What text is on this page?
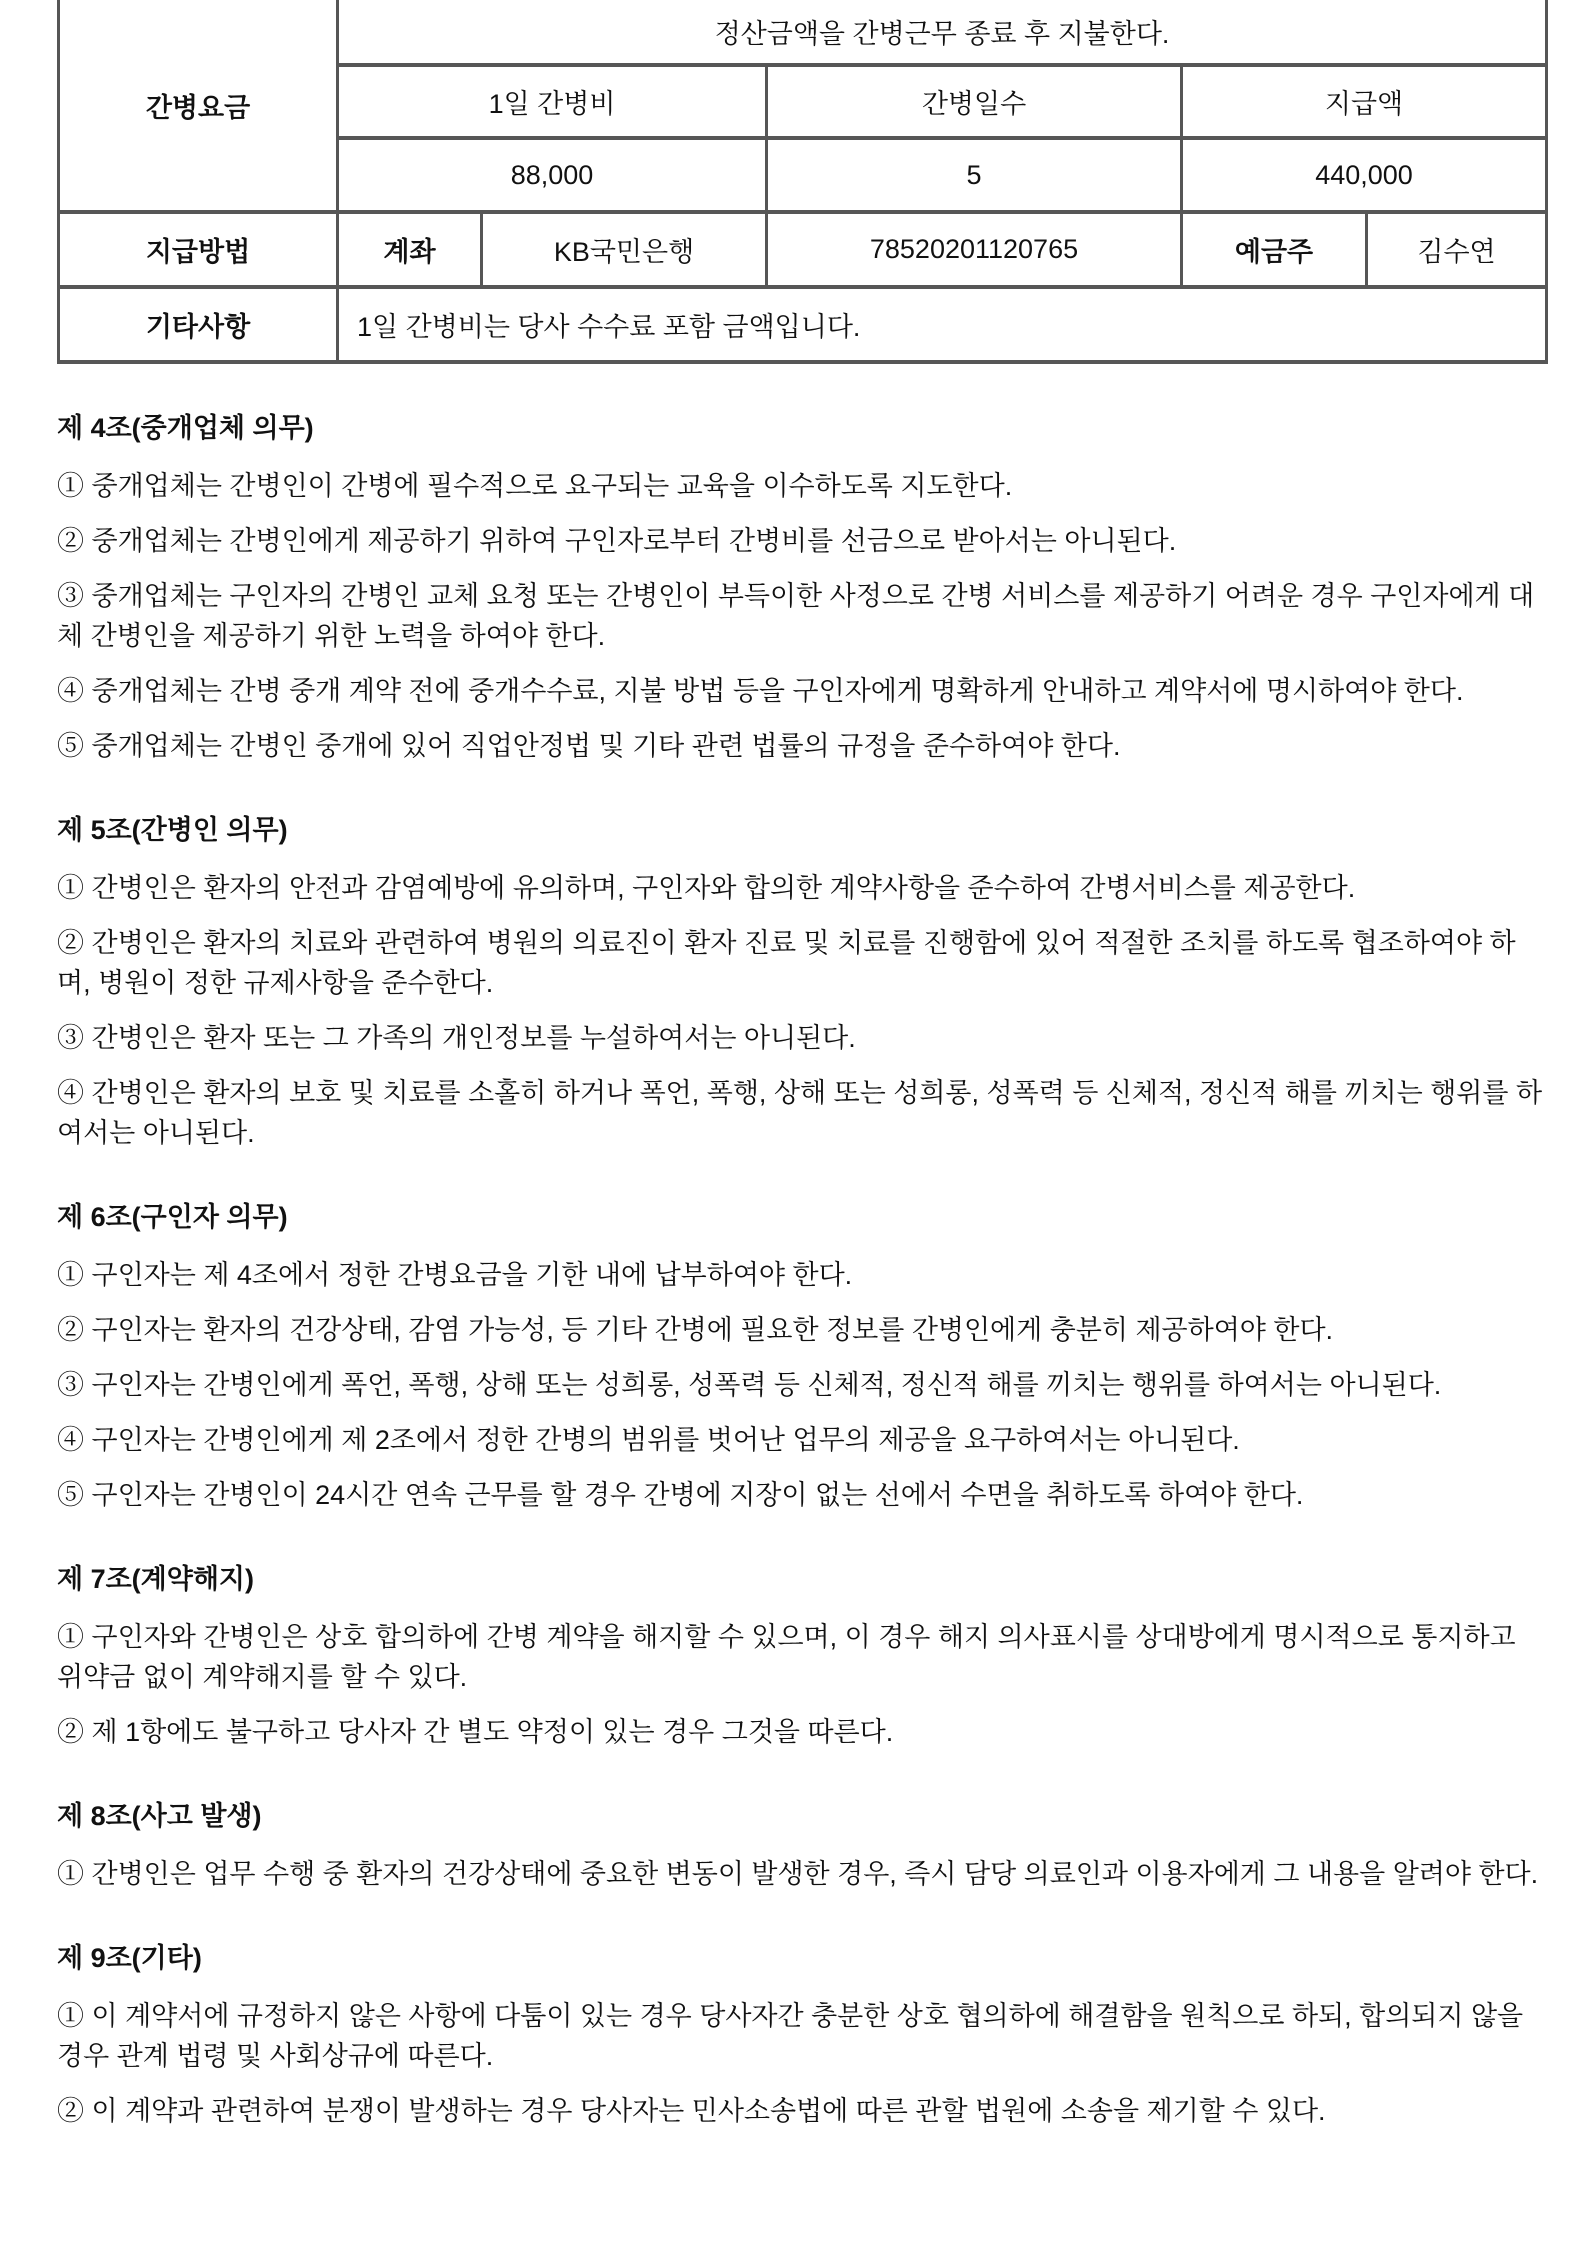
간병요금	정산금액을 간병근무 종료 후 지불한다.				
	1일 간병비		간병일수	지급액	
	88,000		5	440,000	
지급방법	계좌	KB국민은행	78520201120765	예금주	김수연
기타사항	1일 간병비는 당사 수수료 포함 금액입니다.				
제 4조(중개업체 의무)

① 중개업체는 간병인이 간병에 필수적으로 요구되는 교육을 이수하도록 지도한다.

② 중개업체는 간병인에게 제공하기 위하여 구인자로부터 간병비를 선금으로 받아서는 아니된다.

③ 중개업체는 구인자의 간병인 교체 요청 또는 간병인이 부득이한 사정으로 간병 서비스를 제공하기 어려운 경우 구인자에게 대체 간병인을 제공하기 위한 노력을 하여야 한다.

④ 중개업체는 간병 중개 계약 전에 중개수수료, 지불 방법 등을 구인자에게 명확하게 안내하고 계약서에 명시하여야 한다.

⑤ 중개업체는 간병인 중개에 있어 직업안정법 및 기타 관련 법률의 규정을 준수하여야 한다.

제 5조(간병인 의무)

① 간병인은 환자의 안전과 감염예방에 유의하며, 구인자와 합의한 계약사항을 준수하여 간병서비스를 제공한다.

② 간병인은 환자의 치료와 관련하여 병원의 의료진이 환자 진료 및 치료를 진행함에 있어 적절한 조치를 하도록 협조하여야 하며, 병원이 정한 규제사항을 준수한다.

③ 간병인은 환자 또는 그 가족의 개인정보를 누설하여서는 아니된다.

④ 간병인은 환자의 보호 및 치료를 소홀히 하거나 폭언, 폭행, 상해 또는 성희롱, 성폭력 등 신체적, 정신적 해를 끼치는 행위를 하여서는 아니된다.

제 6조(구인자 의무)

① 구인자는 제 4조에서 정한 간병요금을 기한 내에 납부하여야 한다.

② 구인자는 환자의 건강상태, 감염 가능성, 등 기타 간병에 필요한 정보를 간병인에게 충분히 제공하여야 한다.

③ 구인자는 간병인에게 폭언, 폭행, 상해 또는 성희롱, 성폭력 등 신체적, 정신적 해를 끼치는 행위를 하여서는 아니된다.

④ 구인자는 간병인에게 제 2조에서 정한 간병의 범위를 벗어난 업무의 제공을 요구하여서는 아니된다.

⑤ 구인자는 간병인이 24시간 연속 근무를 할 경우 간병에 지장이 없는 선에서 수면을 취하도록 하여야 한다.

제 7조(계약해지)

① 구인자와 간병인은 상호 합의하에 간병 계약을 해지할 수 있으며, 이 경우 해지 의사표시를 상대방에게 명시적으로 통지하고 위약금 없이 계약해지를 할 수 있다.

② 제 1항에도 불구하고 당사자 간 별도 약정이 있는 경우 그것을 따른다.

제 8조(사고 발생)

① 간병인은 업무 수행 중 환자의 건강상태에 중요한 변동이 발생한 경우, 즉시 담당 의료인과 이용자에게 그 내용을 알려야 한다.

제 9조(기타)

① 이 계약서에 규정하지 않은 사항에 다툼이 있는 경우 당사자간 충분한 상호 협의하에 해결함을 원칙으로 하되, 합의되지 않을 경우 관계 법령 및 사회상규에 따른다.

② 이 계약과 관련하여 분쟁이 발생하는 경우 당사자는 민사소송법에 따른 관할 법원에 소송을 제기할 수 있다.
